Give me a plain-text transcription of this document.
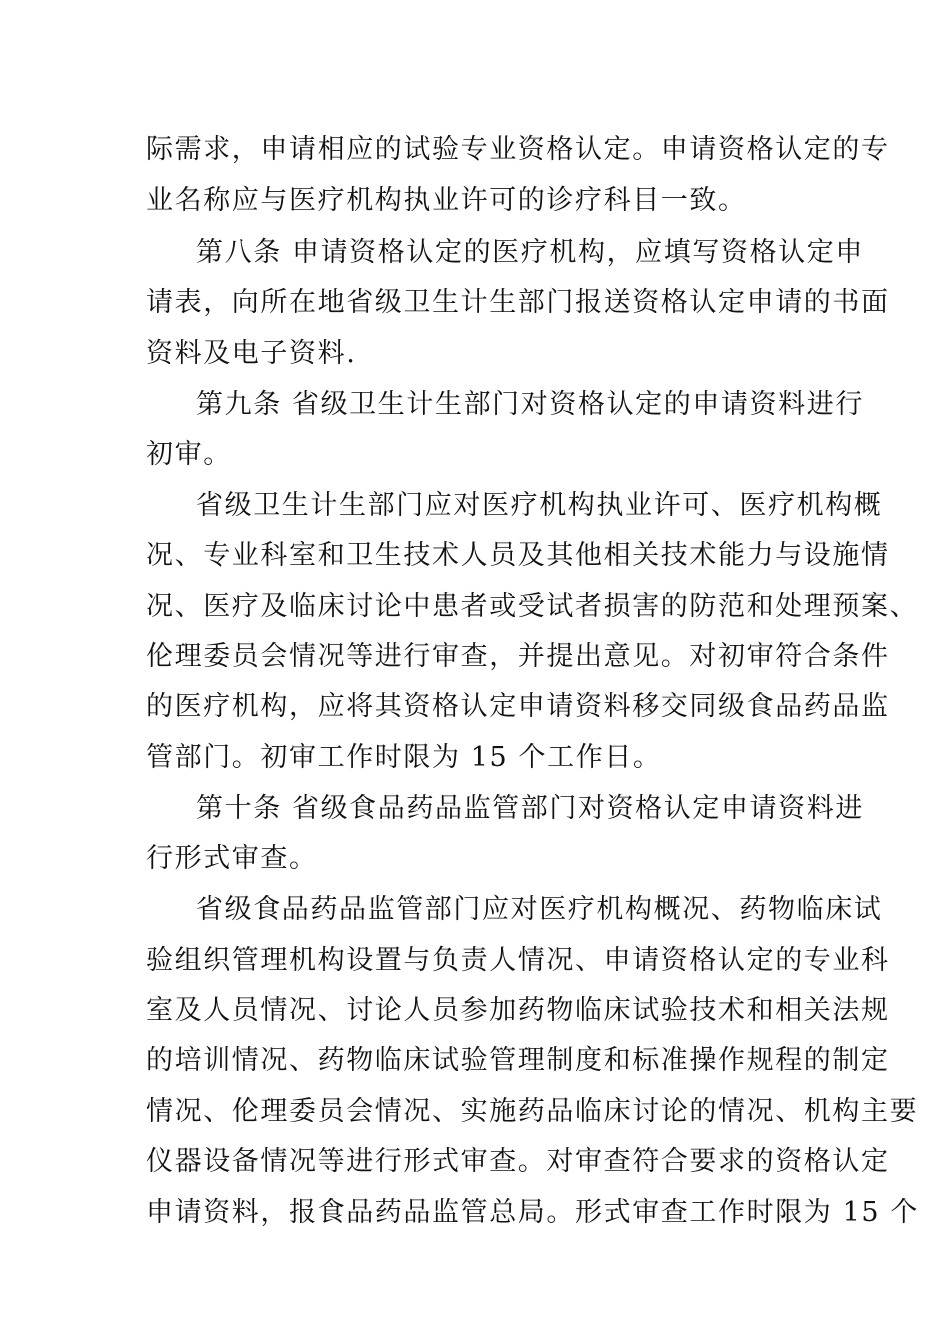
际需求，申请相应的试验专业资格认定。申请资格认定的专
业名称应与医疗机构执业许可的诊疗科目一致。
第八条 申请资格认定的医疗机构，应填写资格认定申
请表，向所在地省级卫生计生部门报送资格认定申请的书面
资料及电子资料.
第九条 省级卫生计生部门对资格认定的申请资料进行
初审。
省级卫生计生部门应对医疗机构执业许可、医疗机构概
况、专业科室和卫生技术人员及其他相关技术能力与设施情
况、医疗及临床讨论中患者或受试者损害的防范和处理预案、
伦理委员会情况等进行审查，并提出意见。对初审符合条件
的医疗机构，应将其资格认定申请资料移交同级食品药品监
管部门。初审工作时限为 15 个工作日。
第十条 省级食品药品监管部门对资格认定申请资料进
行形式审查。
省级食品药品监管部门应对医疗机构概况、药物临床试
验组织管理机构设置与负责人情况、申请资格认定的专业科
室及人员情况、讨论人员参加药物临床试验技术和相关法规
的培训情况、药物临床试验管理制度和标准操作规程的制定
情况、伦理委员会情况、实施药品临床讨论的情况、机构主要
仪器设备情况等进行形式审查。对审查符合要求的资格认定
申请资料，报食品药品监管总局。形式审查工作时限为 15 个
